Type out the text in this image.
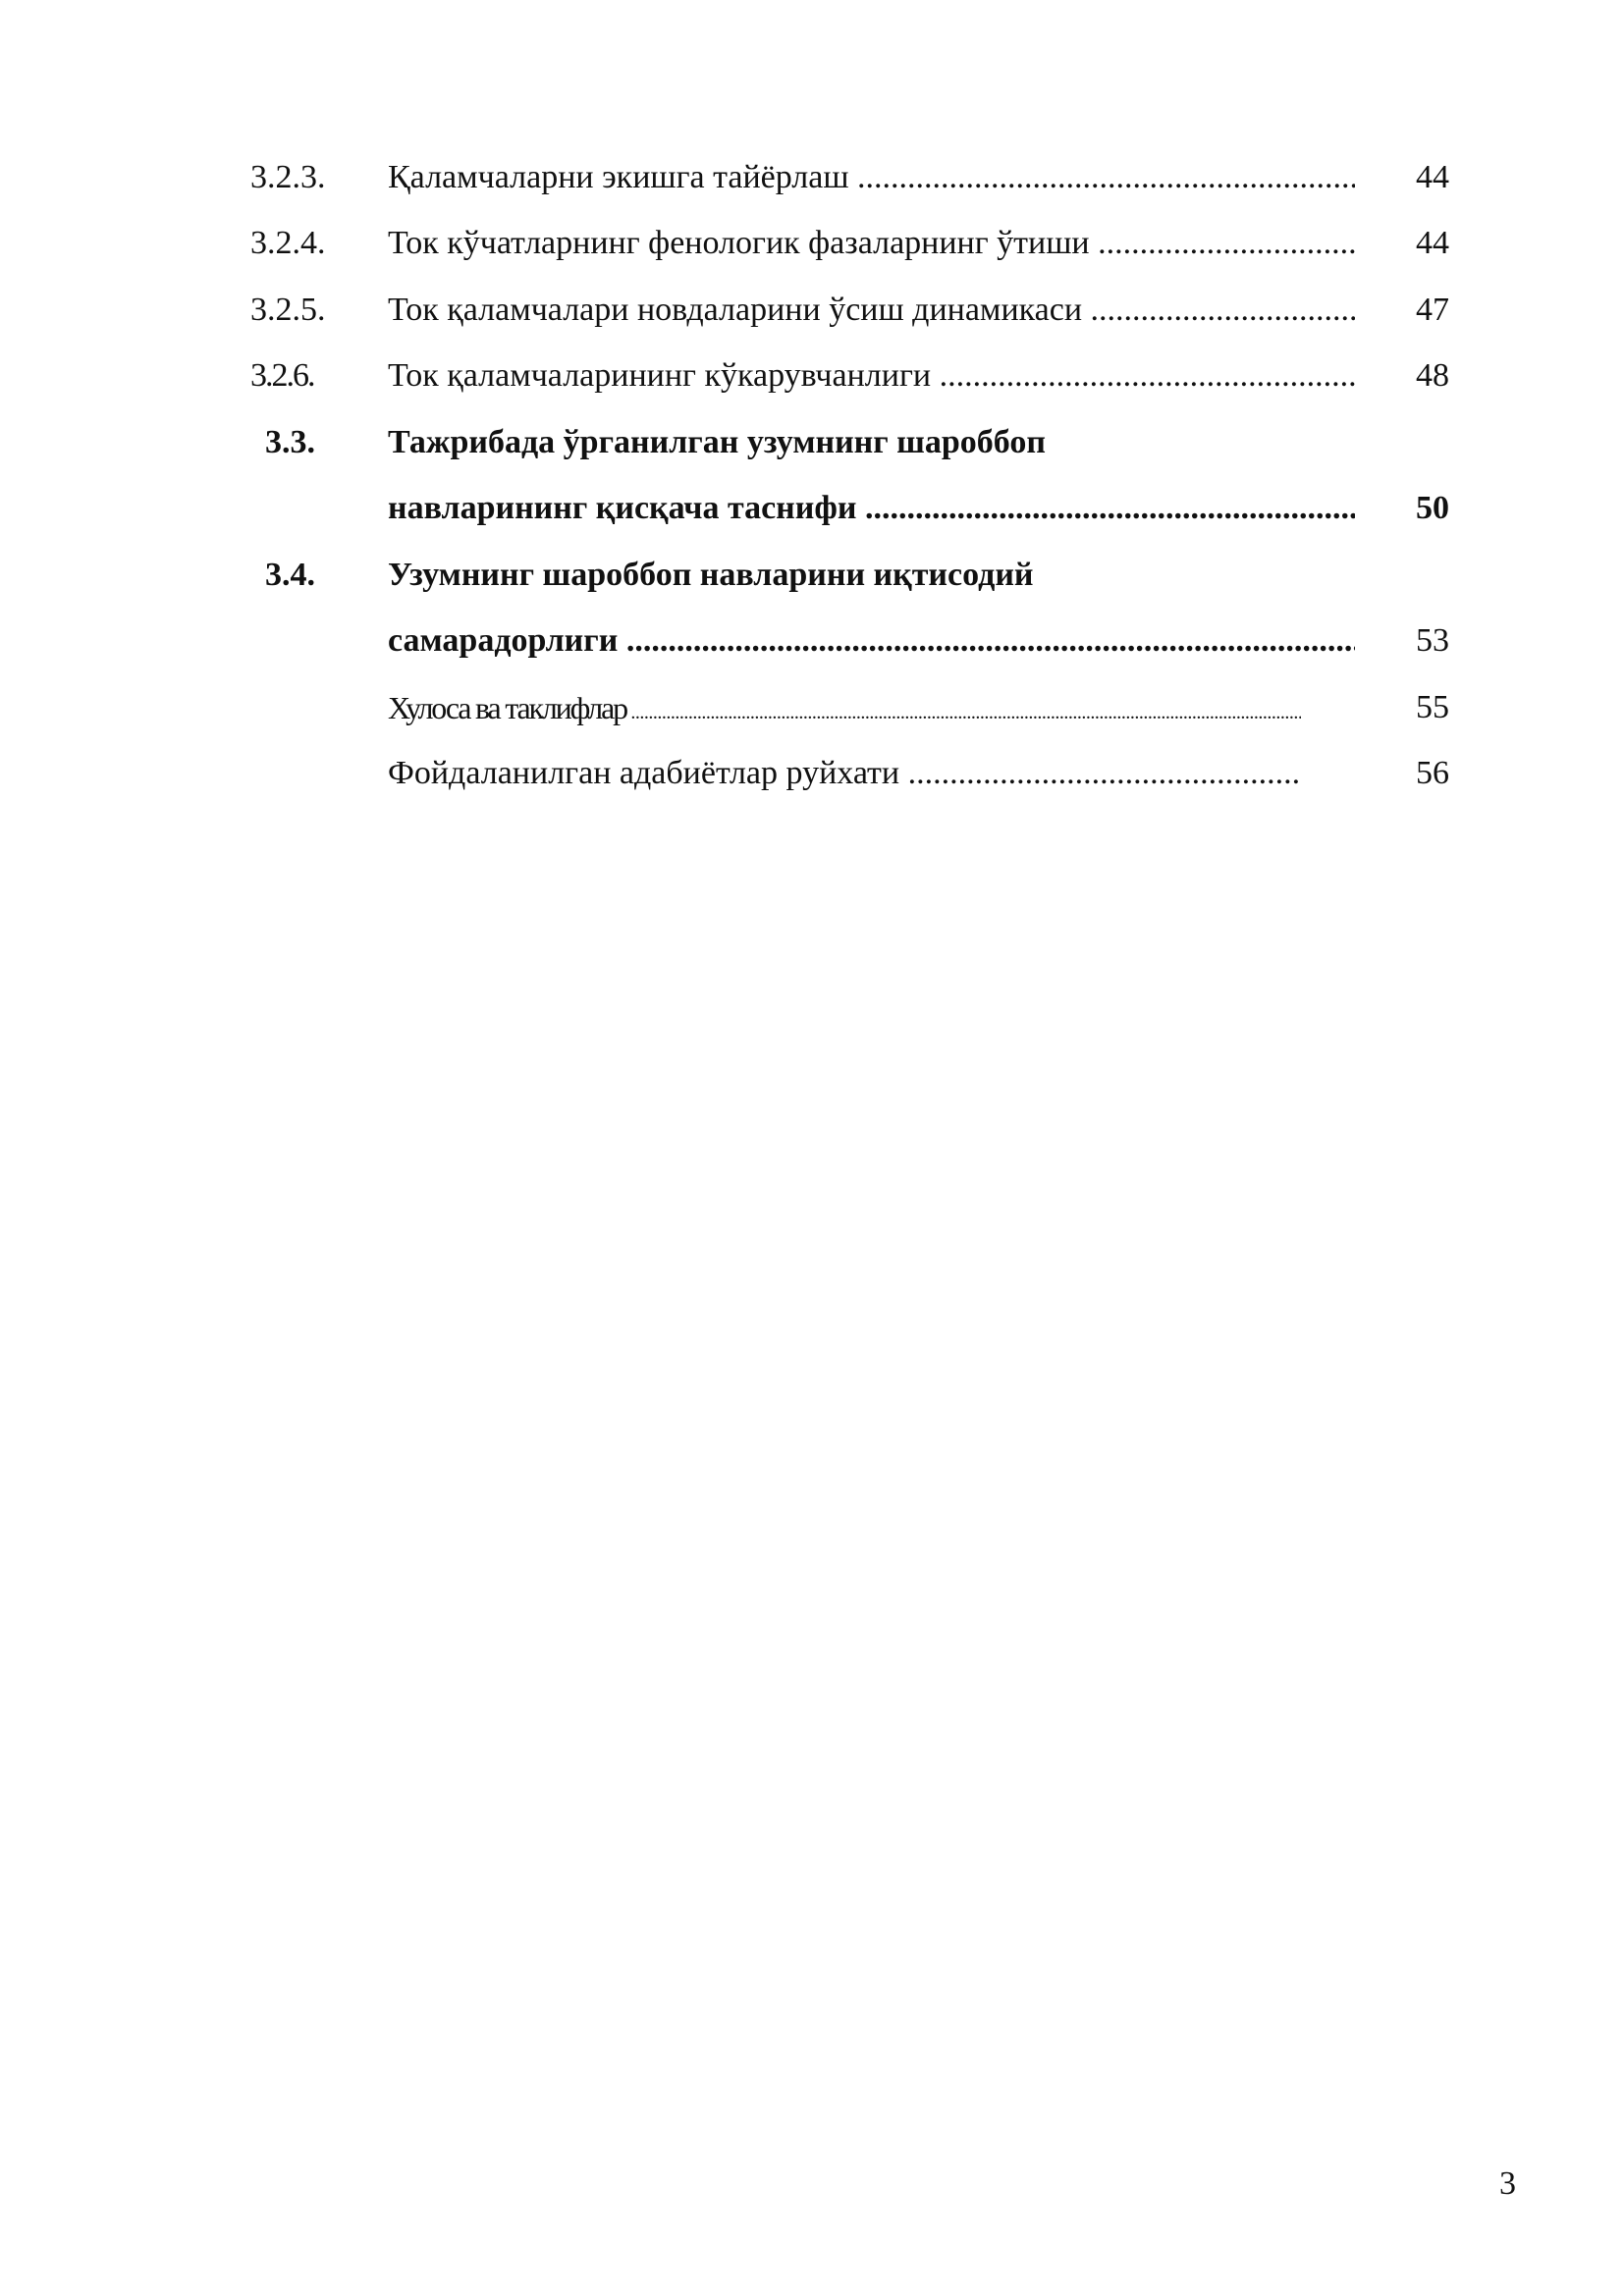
3.2.3. Қаламчаларни экишга тайёрлаш .....	44
3.2.4. Ток кўчатларнинг фенологик фазаларнинг ўтиши .....	44
3.2.5. Ток қаламчалари новдаларини ўсиш динамикаси .....	47
3.2.6. Ток қаламчаларининг кўкарувчанлиги .....	48
3.3. Тажрибада ўрганилган узумнинг шароббоп
навларининг қисқача таснифи .....	50
3.4. Узумнинг шароббоп навларини иқтисодий
самарадорлиги .....	53
Хулоса ва таклифлар .....	55
Фойдаланилган адабиётлар руйхати .....	56
3
